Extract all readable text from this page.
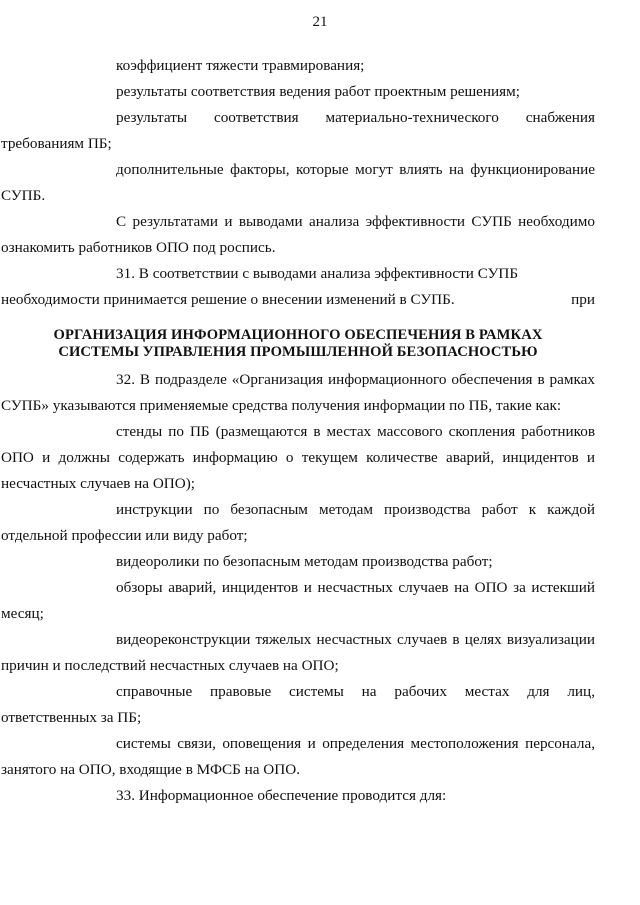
21

коэффициент тяжести травмирования;

результаты соответствия ведения работ проектным решениям;

результаты соответствия материально-технического снабжения требованиям ПБ;

дополнительные факторы, которые могут влиять на функционирование СУПБ.

С результатами и выводами анализа эффективности СУПБ необходимо ознакомить работников ОПО под роспись.

31. В соответствии с выводами анализа эффективности СУПБ
при

необходимости принимается решение о внесении изменений в СУПБ.

ОРГАНИЗАЦИЯ ИНФОРМАЦИОННОГО ОБЕСПЕЧЕНИЯ В РАМКАХ
СИСТЕМЫ УПРАВЛЕНИЯ ПРОМЫШЛЕННОЙ БЕЗОПАСНОСТЬЮ

32. В подразделе «Организация информационного обеспечения в рамках СУПБ» указываются применяемые средства получения информации по ПБ, такие как:

стенды по ПБ (размещаются в местах массового скопления работников ОПО и должны содержать информацию о текущем количестве аварий, инцидентов и несчастных случаев на ОПО);

инструкции по безопасным методам производства работ к каждой отдельной профессии или виду работ;

видеоролики по безопасным методам производства работ;

обзоры аварий, инцидентов и несчастных случаев на ОПО за истекший месяц;

видеореконструкции тяжелых несчастных случаев в целях визуализации причин и последствий несчастных случаев на ОПО;

справочные правовые системы на рабочих местах для лиц, ответственных за ПБ;

системы связи, оповещения и определения местоположения персонала, занятого на ОПО, входящие в МФСБ на ОПО.

33. Информационное обеспечение проводится для:
